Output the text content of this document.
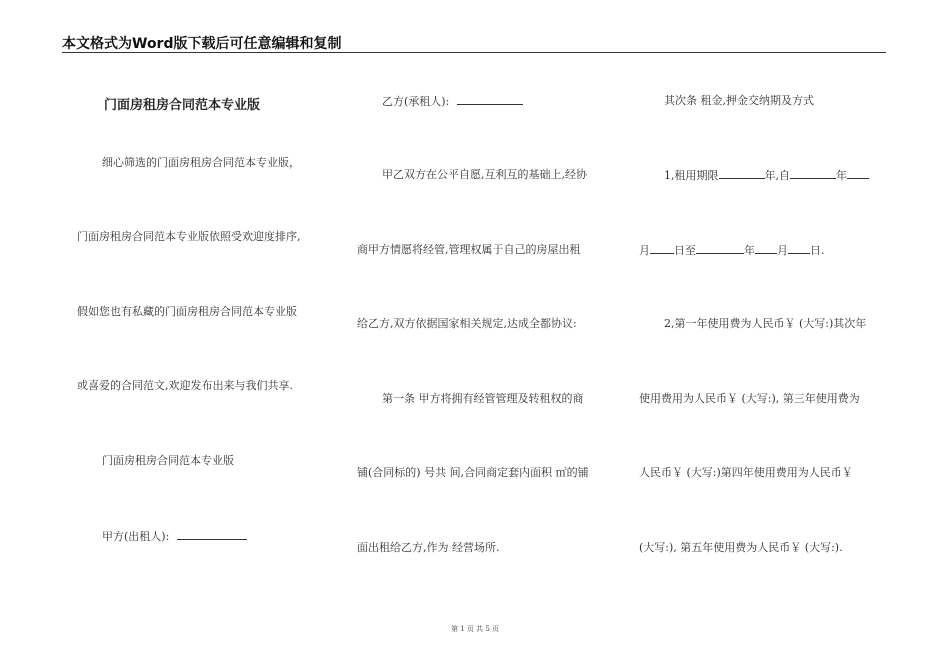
本文格式为Word版下载后可任意编辑和复制
门面房租房合同范本专业版
细心筛选的门面房租房合同范本专业版，
门面房租房合同范本专业版依照受欢迎度排序,
假如您也有私藏的门面房租房合同范本专业版
或喜爱的合同范文,欢迎发布出来与我们共享.
门面房租房合同范本专业版
甲方(出租人):
乙方(承租人):
甲乙双方在公平自愿,互利互的基础上,经协
商甲方情愿将经管,管理权属于自己的房屋出租
给乙方,双方依据国家相关规定,达成全都协议:
第一条 甲方将拥有经管管理及转租权的商
铺(合同标的) 号共 间,合同商定套内面积 ㎡的铺
面出租给乙方,作为 经营场所.
其次条 租金,押金交纳期及方式
1,租用期限	年,自	年
月 日至	年 月 日.
2,第一年使用费为人民币￥ (大写:)其次年
使用费用为人民币￥ (大写:), 第三年使用费为
人民币￥ (大写:)第四年使用费用为人民币￥
(大写:), 第五年使用费为人民币￥ (大写:).
第 1 页 共 5 页
